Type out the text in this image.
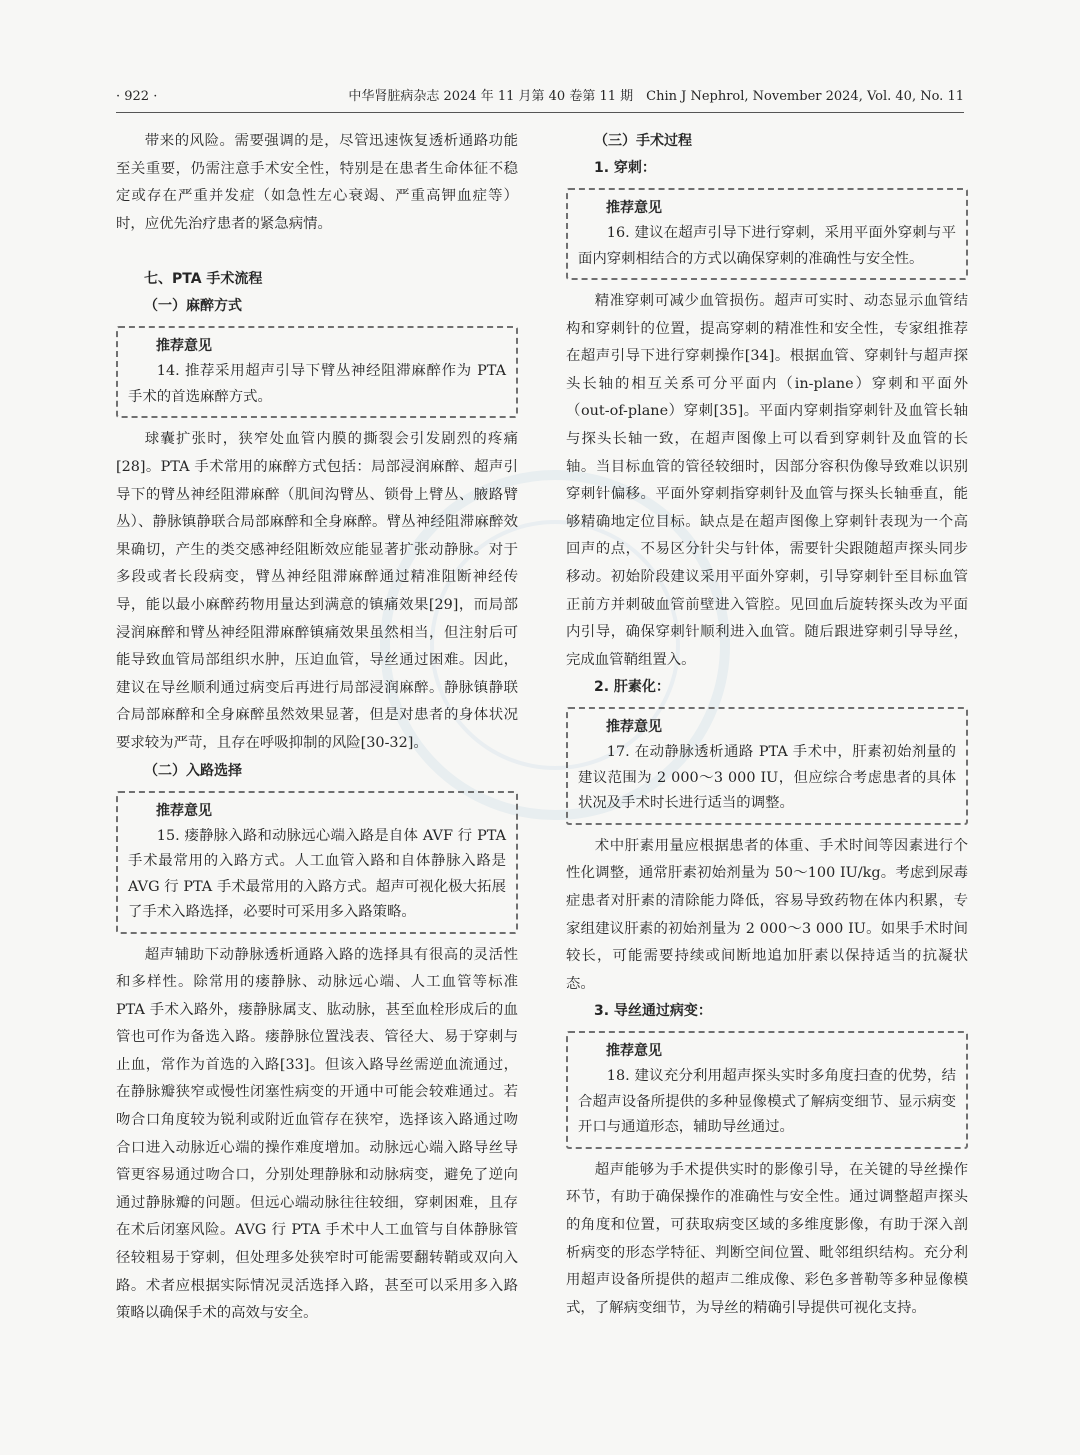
· 922 ·	中华肾脏病杂志 2024 年 11 月第 40 卷第 11 期　Chin J Nephrol, November 2024, Vol. 40, No. 11

带来的风险。需要强调的是，尽管迅速恢复透析通路功能至关重要，仍需注意手术安全性，特别是在患者生命体征不稳定或存在严重并发症（如急性左心衰竭、严重高钾血症等）时，应优先治疗患者的紧急病情。

七、PTA 手术流程

（一）麻醉方式

推荐意见

14. 推荐采用超声引导下臂丛神经阻滞麻醉作为 PTA 手术的首选麻醉方式。

球囊扩张时，狭窄处血管内膜的撕裂会引发剧烈的疼痛[28]。PTA 手术常用的麻醉方式包括：局部浸润麻醉、超声引导下的臂丛神经阻滞麻醉（肌间沟臂丛、锁骨上臂丛、腋路臂丛）、静脉镇静联合局部麻醉和全身麻醉。臂丛神经阻滞麻醉效果确切，产生的类交感神经阻断效应能显著扩张动静脉。对于多段或者长段病变，臂丛神经阻滞麻醉通过精准阻断神经传导，能以最小麻醉药物用量达到满意的镇痛效果[29]，而局部浸润麻醉和臂丛神经阻滞麻醉镇痛效果虽然相当，但注射后可能导致血管局部组织水肿，压迫血管，导丝通过困难。因此，建议在导丝顺利通过病变后再进行局部浸润麻醉。静脉镇静联合局部麻醉和全身麻醉虽然效果显著，但是对患者的身体状况要求较为严苛，且存在呼吸抑制的风险[30-32]。

（二）入路选择

推荐意见

15. 瘘静脉入路和动脉远心端入路是自体 AVF 行 PTA 手术最常用的入路方式。人工血管入路和自体静脉入路是 AVG 行 PTA 手术最常用的入路方式。超声可视化极大拓展了手术入路选择，必要时可采用多入路策略。

超声辅助下动静脉透析通路入路的选择具有很高的灵活性和多样性。除常用的瘘静脉、动脉远心端、人工血管等标准 PTA 手术入路外，瘘静脉属支、肱动脉，甚至血栓形成后的血管也可作为备选入路。瘘静脉位置浅表、管径大、易于穿刺与止血，常作为首选的入路[33]。但该入路导丝需逆血流通过，在静脉瓣狭窄或慢性闭塞性病变的开通中可能会较难通过。若吻合口角度较为锐利或附近血管存在狭窄，选择该入路通过吻合口进入动脉近心端的操作难度增加。动脉远心端入路导丝导管更容易通过吻合口，分别处理静脉和动脉病变，避免了逆向通过静脉瓣的问题。但远心端动脉往往较细，穿刺困难，且存在术后闭塞风险。AVG 行 PTA 手术中人工血管与自体静脉管径较粗易于穿刺，但处理多处狭窄时可能需要翻转鞘或双向入路。术者应根据实际情况灵活选择入路，甚至可以采用多入路策略以确保手术的高效与安全。

（三）手术过程

1. 穿刺：

推荐意见

16. 建议在超声引导下进行穿刺，采用平面外穿刺与平面内穿刺相结合的方式以确保穿刺的准确性与安全性。

精准穿刺可减少血管损伤。超声可实时、动态显示血管结构和穿刺针的位置，提高穿刺的精准性和安全性，专家组推荐在超声引导下进行穿刺操作[34]。根据血管、穿刺针与超声探头长轴的相互关系可分平面内（in-plane）穿刺和平面外（out-of-plane）穿刺[35]。平面内穿刺指穿刺针及血管长轴与探头长轴一致，在超声图像上可以看到穿刺针及血管的长轴。当目标血管的管径较细时，因部分容积伪像导致难以识别穿刺针偏移。平面外穿刺指穿刺针及血管与探头长轴垂直，能够精确地定位目标。缺点是在超声图像上穿刺针表现为一个高回声的点，不易区分针尖与针体，需要针尖跟随超声探头同步移动。初始阶段建议采用平面外穿刺，引导穿刺针至目标血管正前方并刺破血管前壁进入管腔。见回血后旋转探头改为平面内引导，确保穿刺针顺利进入血管。随后跟进穿刺引导导丝，完成血管鞘组置入。

2. 肝素化：

推荐意见

17. 在动静脉透析通路 PTA 手术中，肝素初始剂量的建议范围为 2 000～3 000 IU，但应综合考虑患者的具体状况及手术时长进行适当的调整。

术中肝素用量应根据患者的体重、手术时间等因素进行个性化调整，通常肝素初始剂量为 50～100 IU/kg。考虑到尿毒症患者对肝素的清除能力降低，容易导致药物在体内积累，专家组建议肝素的初始剂量为 2 000～3 000 IU。如果手术时间较长，可能需要持续或间断地追加肝素以保持适当的抗凝状态。

3. 导丝通过病变：

推荐意见

18. 建议充分利用超声探头实时多角度扫查的优势，结合超声设备所提供的多种显像模式了解病变细节、显示病变开口与通道形态，辅助导丝通过。

超声能够为手术提供实时的影像引导，在关键的导丝操作环节，有助于确保操作的准确性与安全性。通过调整超声探头的角度和位置，可获取病变区域的多维度影像，有助于深入剖析病变的形态学特征、判断空间位置、毗邻组织结构。充分利用超声设备所提供的超声二维成像、彩色多普勒等多种显像模式，了解病变细节，为导丝的精确引导提供可视化支持。
